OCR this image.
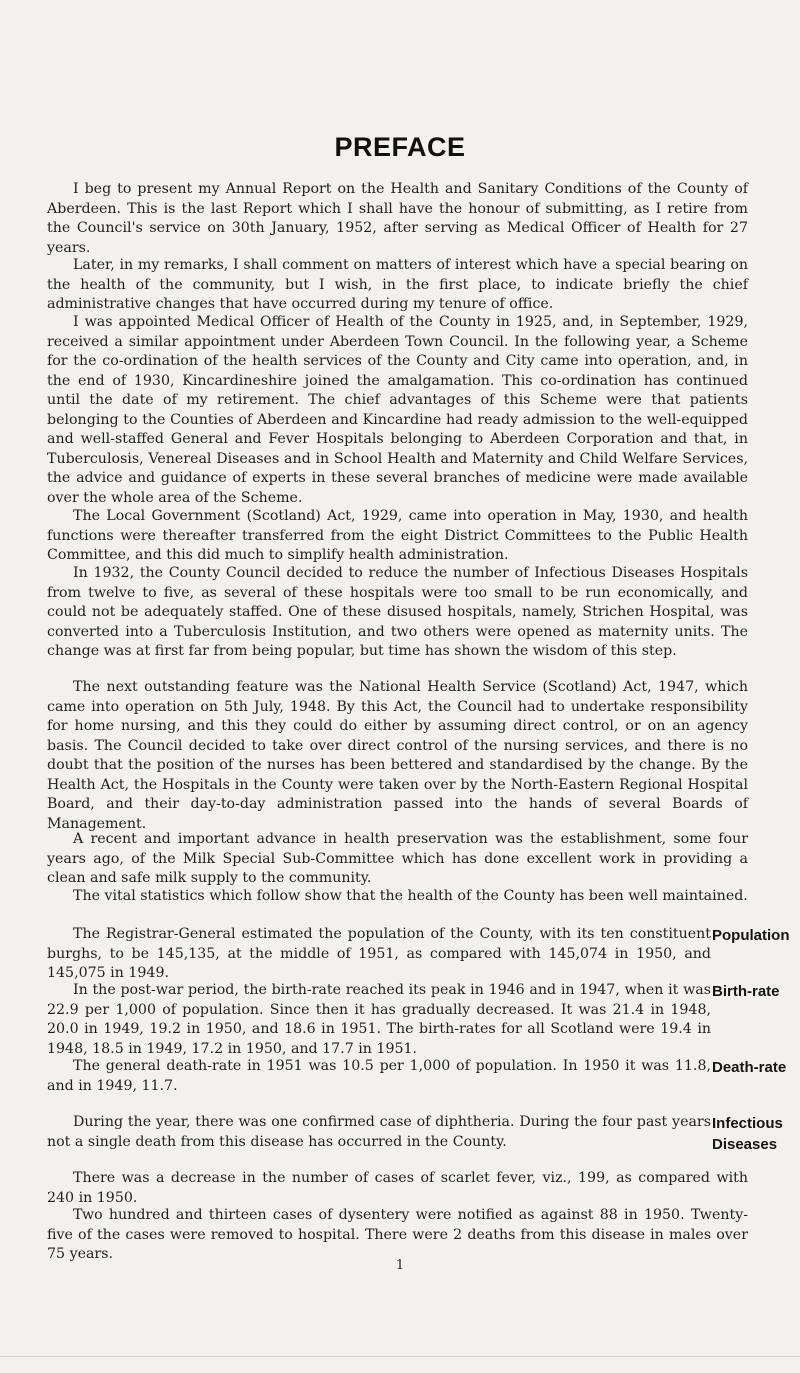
PREFACE

I beg to present my Annual Report on the Health and Sanitary Conditions of the County of Aberdeen. This is the last Report which I shall have the honour of submitting, as I retire from the Council's service on 30th January, 1952, after serving as Medical Officer of Health for 27 years.

Later, in my remarks, I shall comment on matters of interest which have a special bearing on the health of the community, but I wish, in the first place, to indicate briefly the chief administrative changes that have occurred during my tenure of office.

I was appointed Medical Officer of Health of the County in 1925, and, in September, 1929, received a similar appointment under Aberdeen Town Council. In the following year, a Scheme for the co-ordination of the health services of the County and City came into operation, and, in the end of 1930, Kincardineshire joined the amalgamation. This co-ordination has continued until the date of my retirement. The chief advantages of this Scheme were that patients belonging to the Counties of Aberdeen and Kincardine had ready admission to the well-equipped and well-staffed General and Fever Hospitals belonging to Aberdeen Corporation and that, in Tuberculosis, Venereal Diseases and in School Health and Maternity and Child Welfare Services, the advice and guidance of experts in these several branches of medicine were made available over the whole area of the Scheme.

The Local Government (Scotland) Act, 1929, came into operation in May, 1930, and health functions were thereafter transferred from the eight District Committees to the Public Health Committee, and this did much to simplify health administration.

In 1932, the County Council decided to reduce the number of Infectious Diseases Hospitals from twelve to five, as several of these hospitals were too small to be run economically, and could not be adequately staffed. One of these disused hospitals, namely, Strichen Hospital, was converted into a Tuberculosis Institution, and two others were opened as maternity units. The change was at first far from being popular, but time has shown the wisdom of this step.

The next outstanding feature was the National Health Service (Scotland) Act, 1947, which came into operation on 5th July, 1948. By this Act, the Council had to undertake responsibility for home nursing, and this they could do either by assuming direct control, or on an agency basis. The Council decided to take over direct control of the nursing services, and there is no doubt that the position of the nurses has been bettered and standardised by the change. By the Health Act, the Hospitals in the County were taken over by the North-Eastern Regional Hospital Board, and their day-to-day administration passed into the hands of several Boards of Management.

A recent and important advance in health preservation was the establishment, some four years ago, of the Milk Special Sub-Committee which has done excellent work in providing a clean and safe milk supply to the community.

The vital statistics which follow show that the health of the County has been well maintained.

The Registrar-General estimated the population of the County, with its ten constituent burghs, to be 145,135, at the middle of 1951, as compared with 145,074 in 1950, and 145,075 in 1949.

Population

In the post-war period, the birth-rate reached its peak in 1946 and in 1947, when it was 22.9 per 1,000 of population. Since then it has gradually decreased. It was 21.4 in 1948, 20.0 in 1949, 19.2 in 1950, and 18.6 in 1951. The birth-rates for all Scotland were 19.4 in 1948, 18.5 in 1949, 17.2 in 1950, and 17.7 in 1951.

Birth-rate

The general death-rate in 1951 was 10.5 per 1,000 of population. In 1950 it was 11.8, and in 1949, 11.7.

Death-rate

During the year, there was one confirmed case of diphtheria. During the four past years not a single death from this disease has occurred in the County.

Infectious Diseases

There was a decrease in the number of cases of scarlet fever, viz., 199, as compared with 240 in 1950.

Two hundred and thirteen cases of dysentery were notified as against 88 in 1950. Twenty-five of the cases were removed to hospital. There were 2 deaths from this disease in males over 75 years.

1
